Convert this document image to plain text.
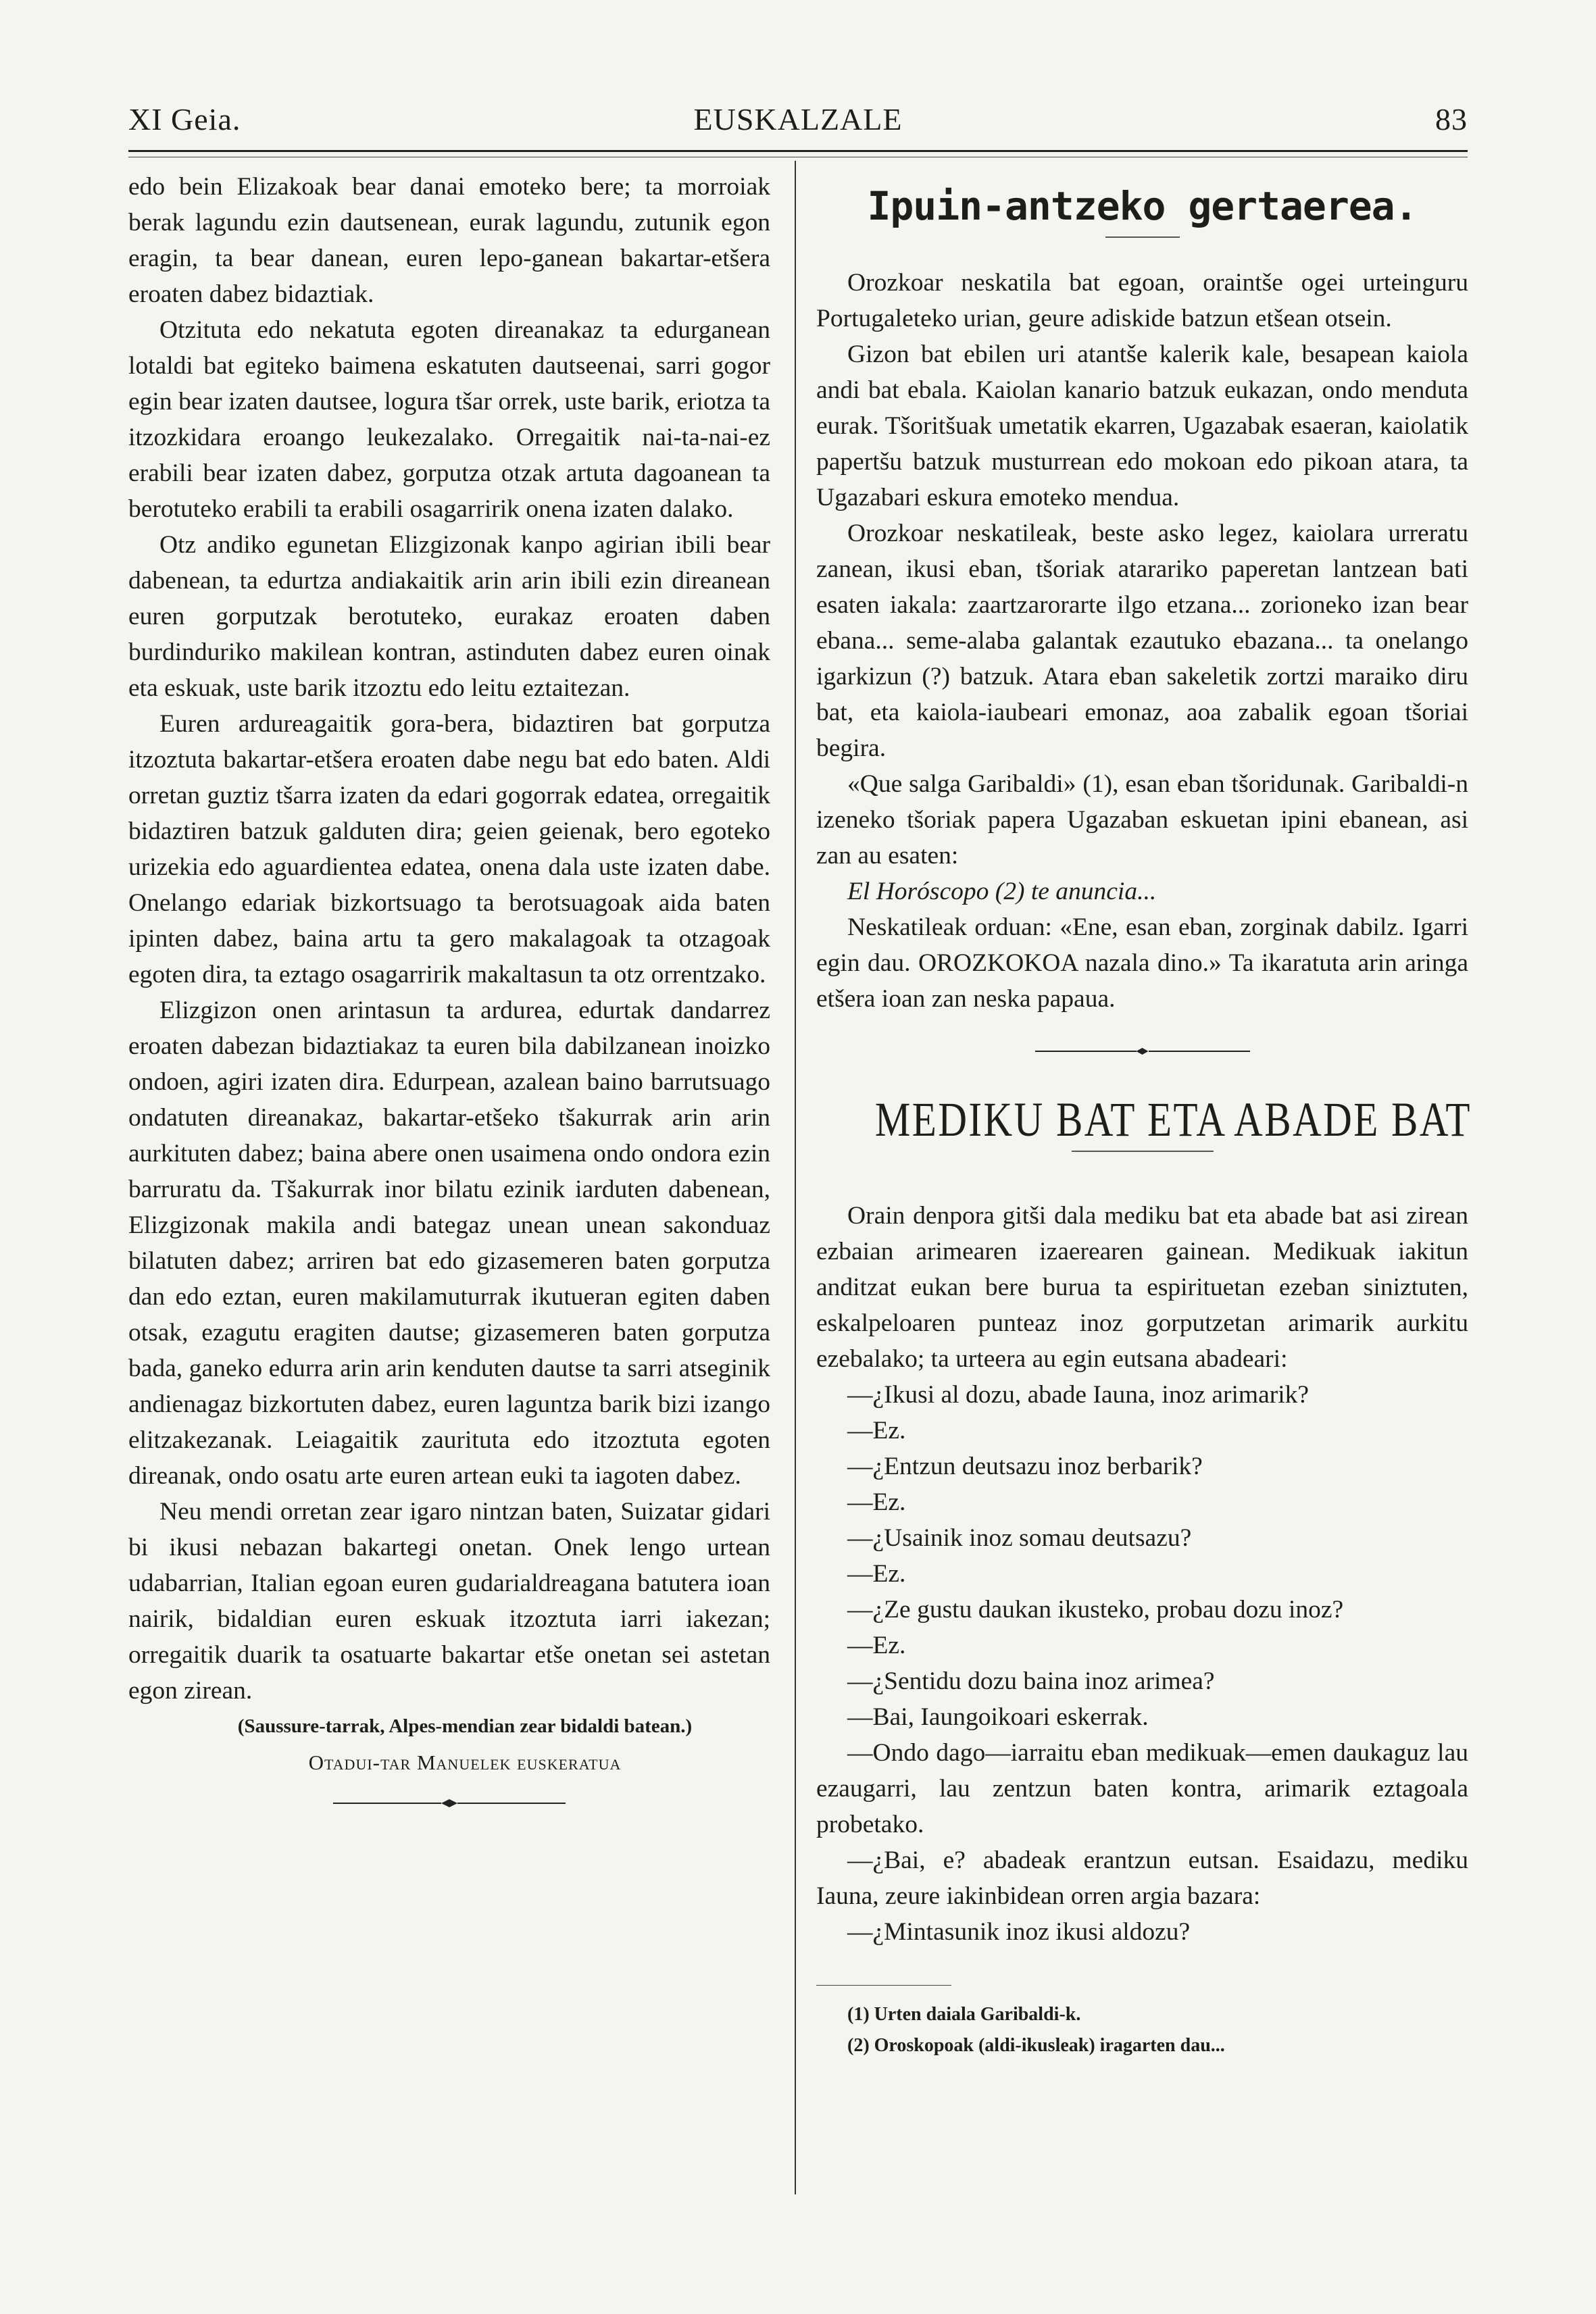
XI Geia.	EUSKALZALE	83

edo bein Elizakoak bear danai emoteko bere; ta morroiak berak lagundu ezin dautsenean, eurak lagundu, zutunik egon eragin, ta bear danean, euren lepo-ganean bakartar-etšera eroaten dabez bidaztiak.

Otzituta edo nekatuta egoten direanakaz ta edurganean lotaldi bat egiteko baimena eskatuten dautseenai, sarri gogor egin bear izaten dautsee, logura tšar orrek, uste barik, eriotza ta itzozkidara eroango leukezalako. Orregaitik nai-ta-nai-ez erabili bear izaten dabez, gorputza otzak artuta dagoanean ta berotuteko erabili ta erabili osagarririk onena izaten dalako.

Otz andiko egunetan Elizgizonak kanpo agirian ibili bear dabenean, ta edurtza andiakaitik arin arin ibili ezin direanean euren gorputzak berotuteko, eurakaz eroaten daben burdinduriko makilean kontran, astinduten dabez euren oinak eta eskuak, uste barik itzoztu edo leitu eztaitezan.

Euren ardureagaitik gora-bera, bidaztiren bat gorputza itzoztuta bakartar-etšera eroaten dabe negu bat edo baten. Aldi orretan guztiz tšarra izaten da edari gogorrak edatea, orregaitik bidaztiren batzuk galduten dira; geien geienak, bero egoteko urizekia edo aguardientea edatea, onena dala uste izaten dabe. Onelango edariak bizkortsuago ta berotsuagoak aida baten ipinten dabez, baina artu ta gero makalagoak ta otzagoak egoten dira, ta eztago osagarririk makaltasun ta otz orrentzako.

Elizgizon onen arintasun ta ardurea, edurtak dandarrez eroaten dabezan bidaztiakaz ta euren bila dabilzanean inoizko ondoen, agiri izaten dira. Edurpean, azalean baino barrutsuago ondatuten direanakaz, bakartar-etšeko tšakurrak arin arin aurkituten dabez; baina abere onen usaimena ondo ondora ezin barruratu da. Tšakurrak inor bilatu ezinik iarduten dabenean, Elizgizonak makila andi bategaz unean unean sakonduaz bilatuten dabez; arriren bat edo gizasemeren baten gorputza dan edo eztan, euren makilamuturrak ikutueran egiten daben otsak, ezagutu eragiten dautse; gizasemeren baten gorputza bada, ganeko edurra arin arin kenduten dautse ta sarri atseginik andienagaz bizkortuten dabez, euren laguntza barik bizi izango elitzakezanak. Leiagaitik zaurituta edo itzoztuta egoten direanak, ondo osatu arte euren artean euki ta iagoten dabez.

Neu mendi orretan zear igaro nintzan baten, Suizatar gidari bi ikusi nebazan bakartegi onetan. Onek lengo urtean udabarrian, Italian egoan euren gudarialdreagana batutera ioan nairik, bidaldian euren eskuak itzoztuta iarri iakezan; orregaitik duarik ta osatuarte bakartar etše onetan sei astetan egon zirean.

(Saussure-tarrak, Alpes-mendian zear bidaldi batean.)

Otadui-tar Manuelek euskeratua

Ipuin-antzeko gertaerea.

Orozkoar neskatila bat egoan, oraintše ogei urteinguru Portugaleteko urian, geure adiskide batzun etšean otsein.

Gizon bat ebilen uri atantše kalerik kale, besapean kaiola andi bat ebala. Kaiolan kanario batzuk eukazan, ondo menduta eurak. Tšoritšuak umetatik ekarren, Ugazabak esaeran, kaiolatik papertšu batzuk musturrean edo mokoan edo pikoan atara, ta Ugazabari eskura emoteko mendua.

Orozkoar neskatileak, beste asko legez, kaiolara urreratu zanean, ikusi eban, tšoriak atarariko paperetan lantzean bati esaten iakala: zaartzarorarte ilgo etzana... zorioneko izan bear ebana... seme-alaba galantak ezautuko ebazana... ta onelango igarkizun (?) batzuk. Atara eban sakeletik zortzi maraiko diru bat, eta kaiola-iaubeari emonaz, aoa zabalik egoan tšoriai begira.

«Que salga Garibaldi» (1), esan eban tšoridunak. Garibaldi-n izeneko tšoriak papera Ugazaban eskuetan ipini ebanean, asi zan au esaten:

El Horóscopo (2) te anuncia...

Neskatileak orduan: «Ene, esan eban, zorginak dabilz. Igarri egin dau. OROZKOKOA nazala dino.» Ta ikaratuta arin aringa etšera ioan zan neska papaua.

MEDIKU BAT ETA ABADE BAT

Orain denpora gitši dala mediku bat eta abade bat asi zirean ezbaian arimearen izaerearen gainean. Medikuak iakitun anditzat eukan bere burua ta espirituetan ezeban siniztuten, eskalpeloaren punteaz inoz gorputzetan arimarik aurkitu ezebalako; ta urteera au egin eutsana abadeari:

—¿Ikusi al dozu, abade Iauna, inoz arimarik?

—Ez.

—¿Entzun deutsazu inoz berbarik?

—Ez.

—¿Usainik inoz somau deutsazu?

—Ez.

—¿Ze gustu daukan ikusteko, probau dozu inoz?

—Ez.

—¿Sentidu dozu baina inoz arimea?

—Bai, Iaungoikoari eskerrak.

—Ondo dago—iarraitu eban medikuak—emen daukaguz lau ezaugarri, lau zentzun baten kontra, arimarik eztagoala probetako.

—¿Bai, e? abadeak erantzun eutsan. Esaidazu, mediku Iauna, zeure iakinbidean orren argia bazara:

—¿Mintasunik inoz ikusi aldozu?

(1) Urten daiala Garibaldi-k.

(2) Oroskopoak (aldi-ikusleak) iragarten dau...
